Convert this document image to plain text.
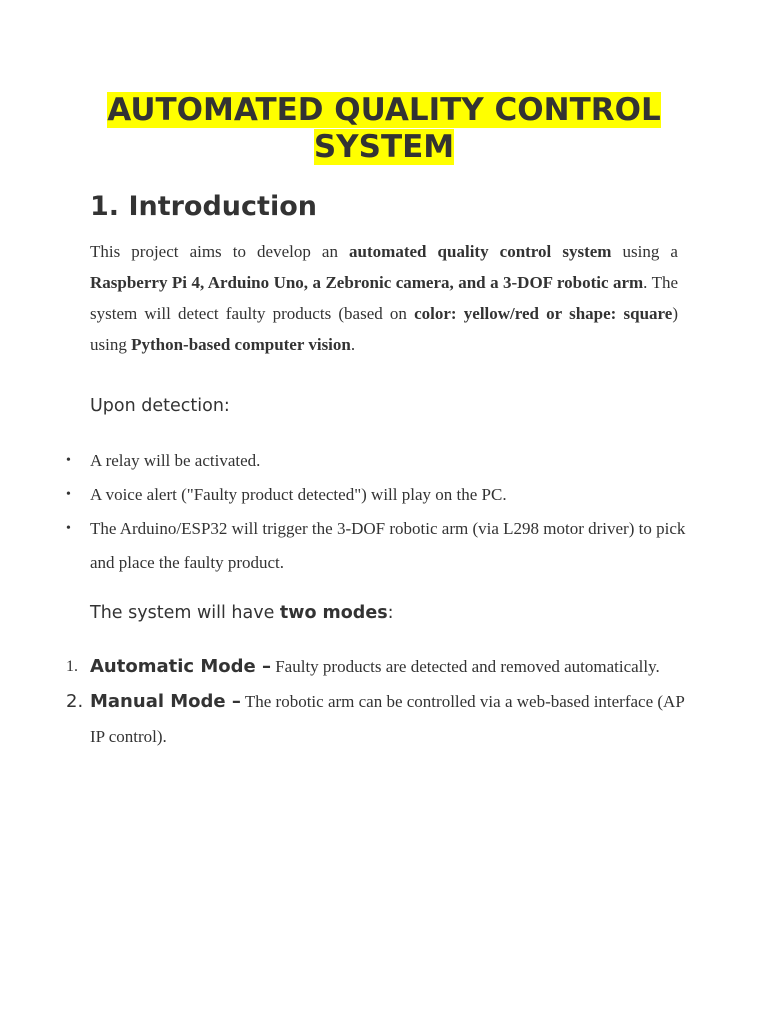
AUTOMATED QUALITY CONTROL SYSTEM
1. Introduction

This project aims to develop an automated quality control system using a Raspberry Pi 4, Arduino Uno, a Zebronic camera, and a 3-DOF robotic arm. The system will detect faulty products (based on color: yellow/red or shape: square) using Python-based computer vision.

Upon detection:

• A relay will be activated.
• A voice alert ("Faulty product detected") will play on the PC.
• The Arduino/ESP32 will trigger the 3-DOF robotic arm (via L298 motor driver) to pick and place the faulty product.

The system will have two modes:

1. Automatic Mode – Faulty products are detected and removed automatically.
2. Manual Mode – The robotic arm can be controlled via a web-based interface (AP IP control).
